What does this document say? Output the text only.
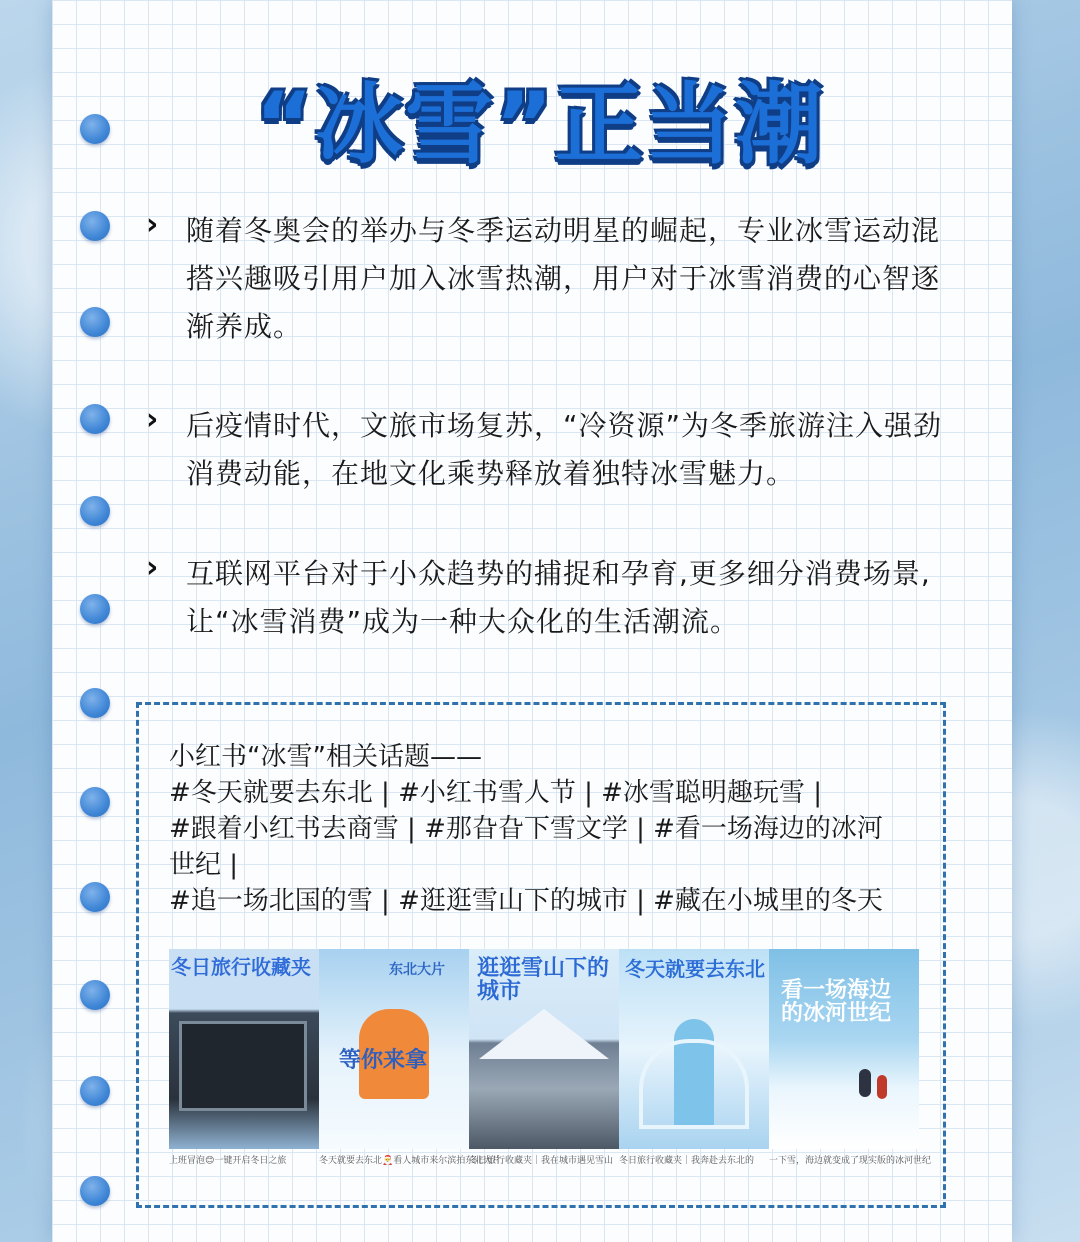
“冰雪”正当潮
› 随着冬奥会的举办与冬季运动明星的崛起，专业冰雪运动混搭兴趣吸引用户加入冰雪热潮，用户对于冰雪消费的心智逐渐养成。

› 后疫情时代，文旅市场复苏，“冷资源”为冬季旅游注入强劲消费动能，在地文化乘势释放着独特冰雪魅力。

› 互联网平台对于小众趋势的捕捉和孕育,更多细分消费场景,让“冰雪消费”成为一种大众化的生活潮流。

小红书“冰雪”相关话题——
#冬天就要去东北 | #小红书雪人节 | #冰雪聪明趣玩雪 |
#跟着小红书去商雪 | #那旮旮下雪文学 | #看一场海边的冰河
世纪 |
#追一场北国的雪 | #逛逛雪山下的城市 | #藏在小城里的冬天
冬日旅行收藏夹
上班冒泡😊一键开启冬日之旅
东北大片
等你来拿
冬天就要去东北🎅看人城市来尔滨拍东北大片
逛逛雪山下的城市
冬日旅行收藏夹｜我在城市遇见雪山
冬天就要去东北
冬日旅行收藏夹｜我奔赴去东北的
看一场海边的冰河世纪
一下雪，海边就变成了现实版的冰河世纪
